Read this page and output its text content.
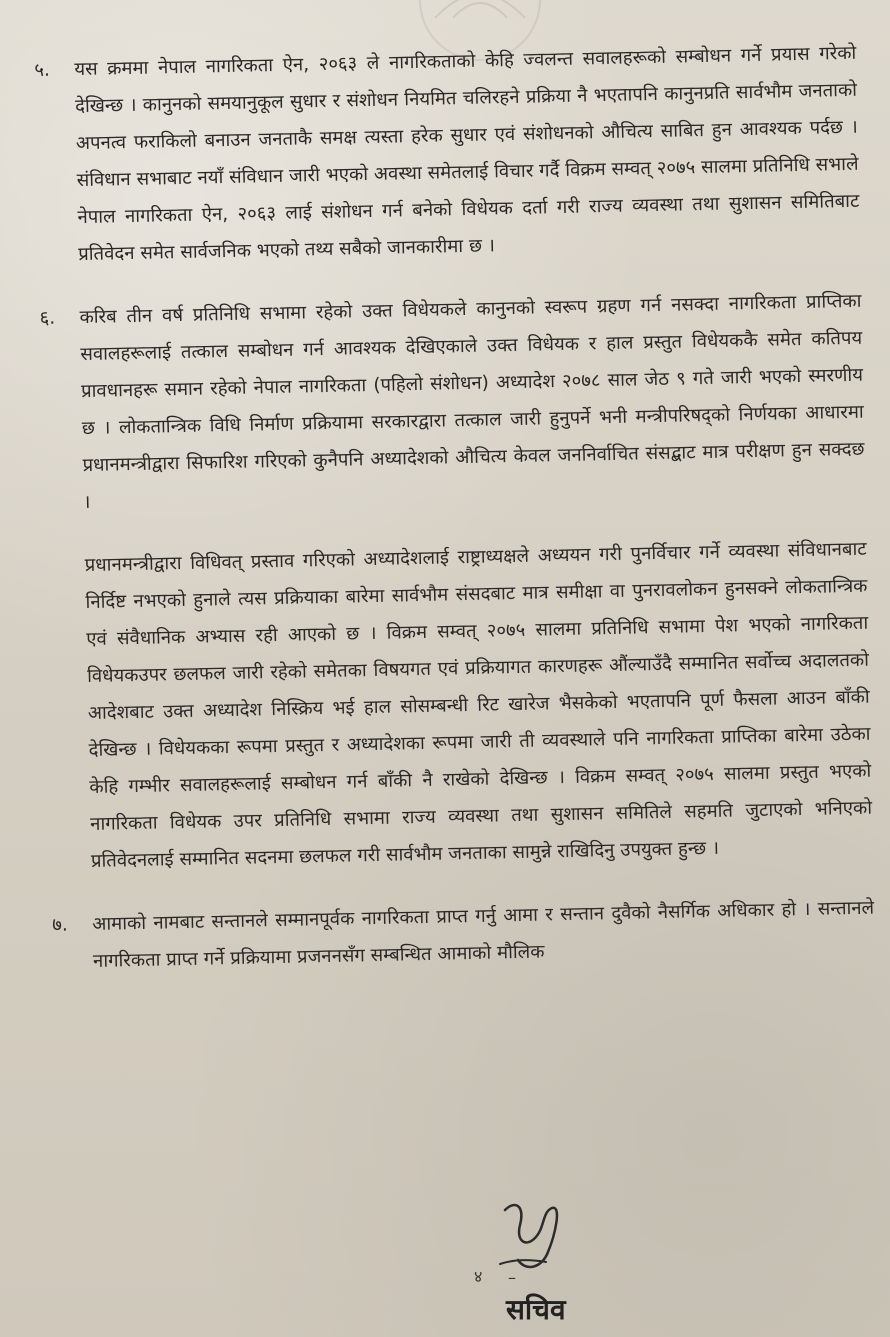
५.	यस क्रममा नेपाल नागरिकता ऐन, २०६३ ले नागरिकताको केहि ज्वलन्त सवालहरूको सम्बोधन गर्ने प्रयास गरेको देखिन्छ । कानुनको समयानुकूल सुधार र संशोधन नियमित चलिरहने प्रक्रिया नै भएतापनि कानुनप्रति सार्वभौम जनताको अपनत्व फराकिलो बनाउन जनताकै समक्ष त्यस्ता हरेक सुधार एवं संशोधनको औचित्य साबित हुन आवश्यक पर्दछ । संविधान सभाबाट नयाँ संविधान जारी भएको अवस्था समेतलाई विचार गर्दै विक्रम सम्वत् २०७५ सालमा प्रतिनिधि सभाले नेपाल नागरिकता ऐन, २०६३ लाई संशोधन गर्न बनेको विधेयक दर्ता गरी राज्य व्यवस्था तथा सुशासन समितिबाट प्रतिवेदन समेत सार्वजनिक भएको तथ्य सबैको जानकारीमा छ ।
६.	करिब तीन वर्ष प्रतिनिधि सभामा रहेको उक्त विधेयकले कानुनको स्वरूप ग्रहण गर्न नसक्दा नागरिकता प्राप्तिका सवालहरूलाई तत्काल सम्बोधन गर्न आवश्यक देखिएकाले उक्त विधेयक र हाल प्रस्तुत विधेयककै समेत कतिपय प्रावधानहरू समान रहेको नेपाल नागरिकता (पहिलो संशोधन) अध्यादेश २०७८ साल जेठ ९ गते जारी भएको स्मरणीय छ । लोकतान्त्रिक विधि निर्माण प्रक्रियामा सरकारद्वारा तत्काल जारी हुनुपर्ने भनी मन्त्रीपरिषद्को निर्णयका आधारमा प्रधानमन्त्रीद्वारा सिफारिश गरिएको कुनैपनि अध्यादेशको औचित्य केवल जननिर्वाचित संसद्बाट मात्र परीक्षण हुन सक्दछ ।
प्रधानमन्त्रीद्वारा विधिवत् प्रस्ताव गरिएको अध्यादेशलाई राष्ट्राध्यक्षले अध्ययन गरी पुनर्विचार गर्ने व्यवस्था संविधानबाट निर्दिष्ट नभएको हुनाले त्यस प्रक्रियाका बारेमा सार्वभौम संसदबाट मात्र समीक्षा वा पुनरावलोकन हुनसक्ने लोकतान्त्रिक एवं संवैधानिक अभ्यास रही आएको छ । विक्रम सम्वत् २०७५ सालमा प्रतिनिधि सभामा पेश भएको नागरिकता विधेयकउपर छलफल जारी रहेको समेतका विषयगत एवं प्रक्रियागत कारणहरू औंल्याउँदै सम्मानित सर्वोच्च अदालतको आदेशबाट उक्त अध्यादेश निस्क्रिय भई हाल सोसम्बन्धी रिट खारेज भैसकेको भएतापनि पूर्ण फैसला आउन बाँकी देखिन्छ । विधेयकका रूपमा प्रस्तुत र अध्यादेशका रूपमा जारी ती व्यवस्थाले पनि नागरिकता प्राप्तिका बारेमा उठेका केहि गम्भीर सवालहरूलाई सम्बोधन गर्न बाँकी नै राखेको देखिन्छ । विक्रम सम्वत् २०७५ सालमा प्रस्तुत भएको नागरिकता विधेयक उपर प्रतिनिधि सभामा राज्य व्यवस्था तथा सुशासन समितिले सहमति जुटाएको भनिएको प्रतिवेदनलाई सम्मानित सदनमा छलफल गरी सार्वभौम जनताका सामुन्ने राखिदिनु उपयुक्त हुन्छ ।
७.	आमाको नामबाट सन्तानले सम्मानपूर्वक नागरिकता प्राप्त गर्नु आमा र सन्तान दुवैको नैसर्गिक अधिकार हो । सन्तानले नागरिकता प्राप्त गर्ने प्रक्रियामा प्रजननसँग सम्बन्धित आमाको मौलिक
४ –
सचिव
